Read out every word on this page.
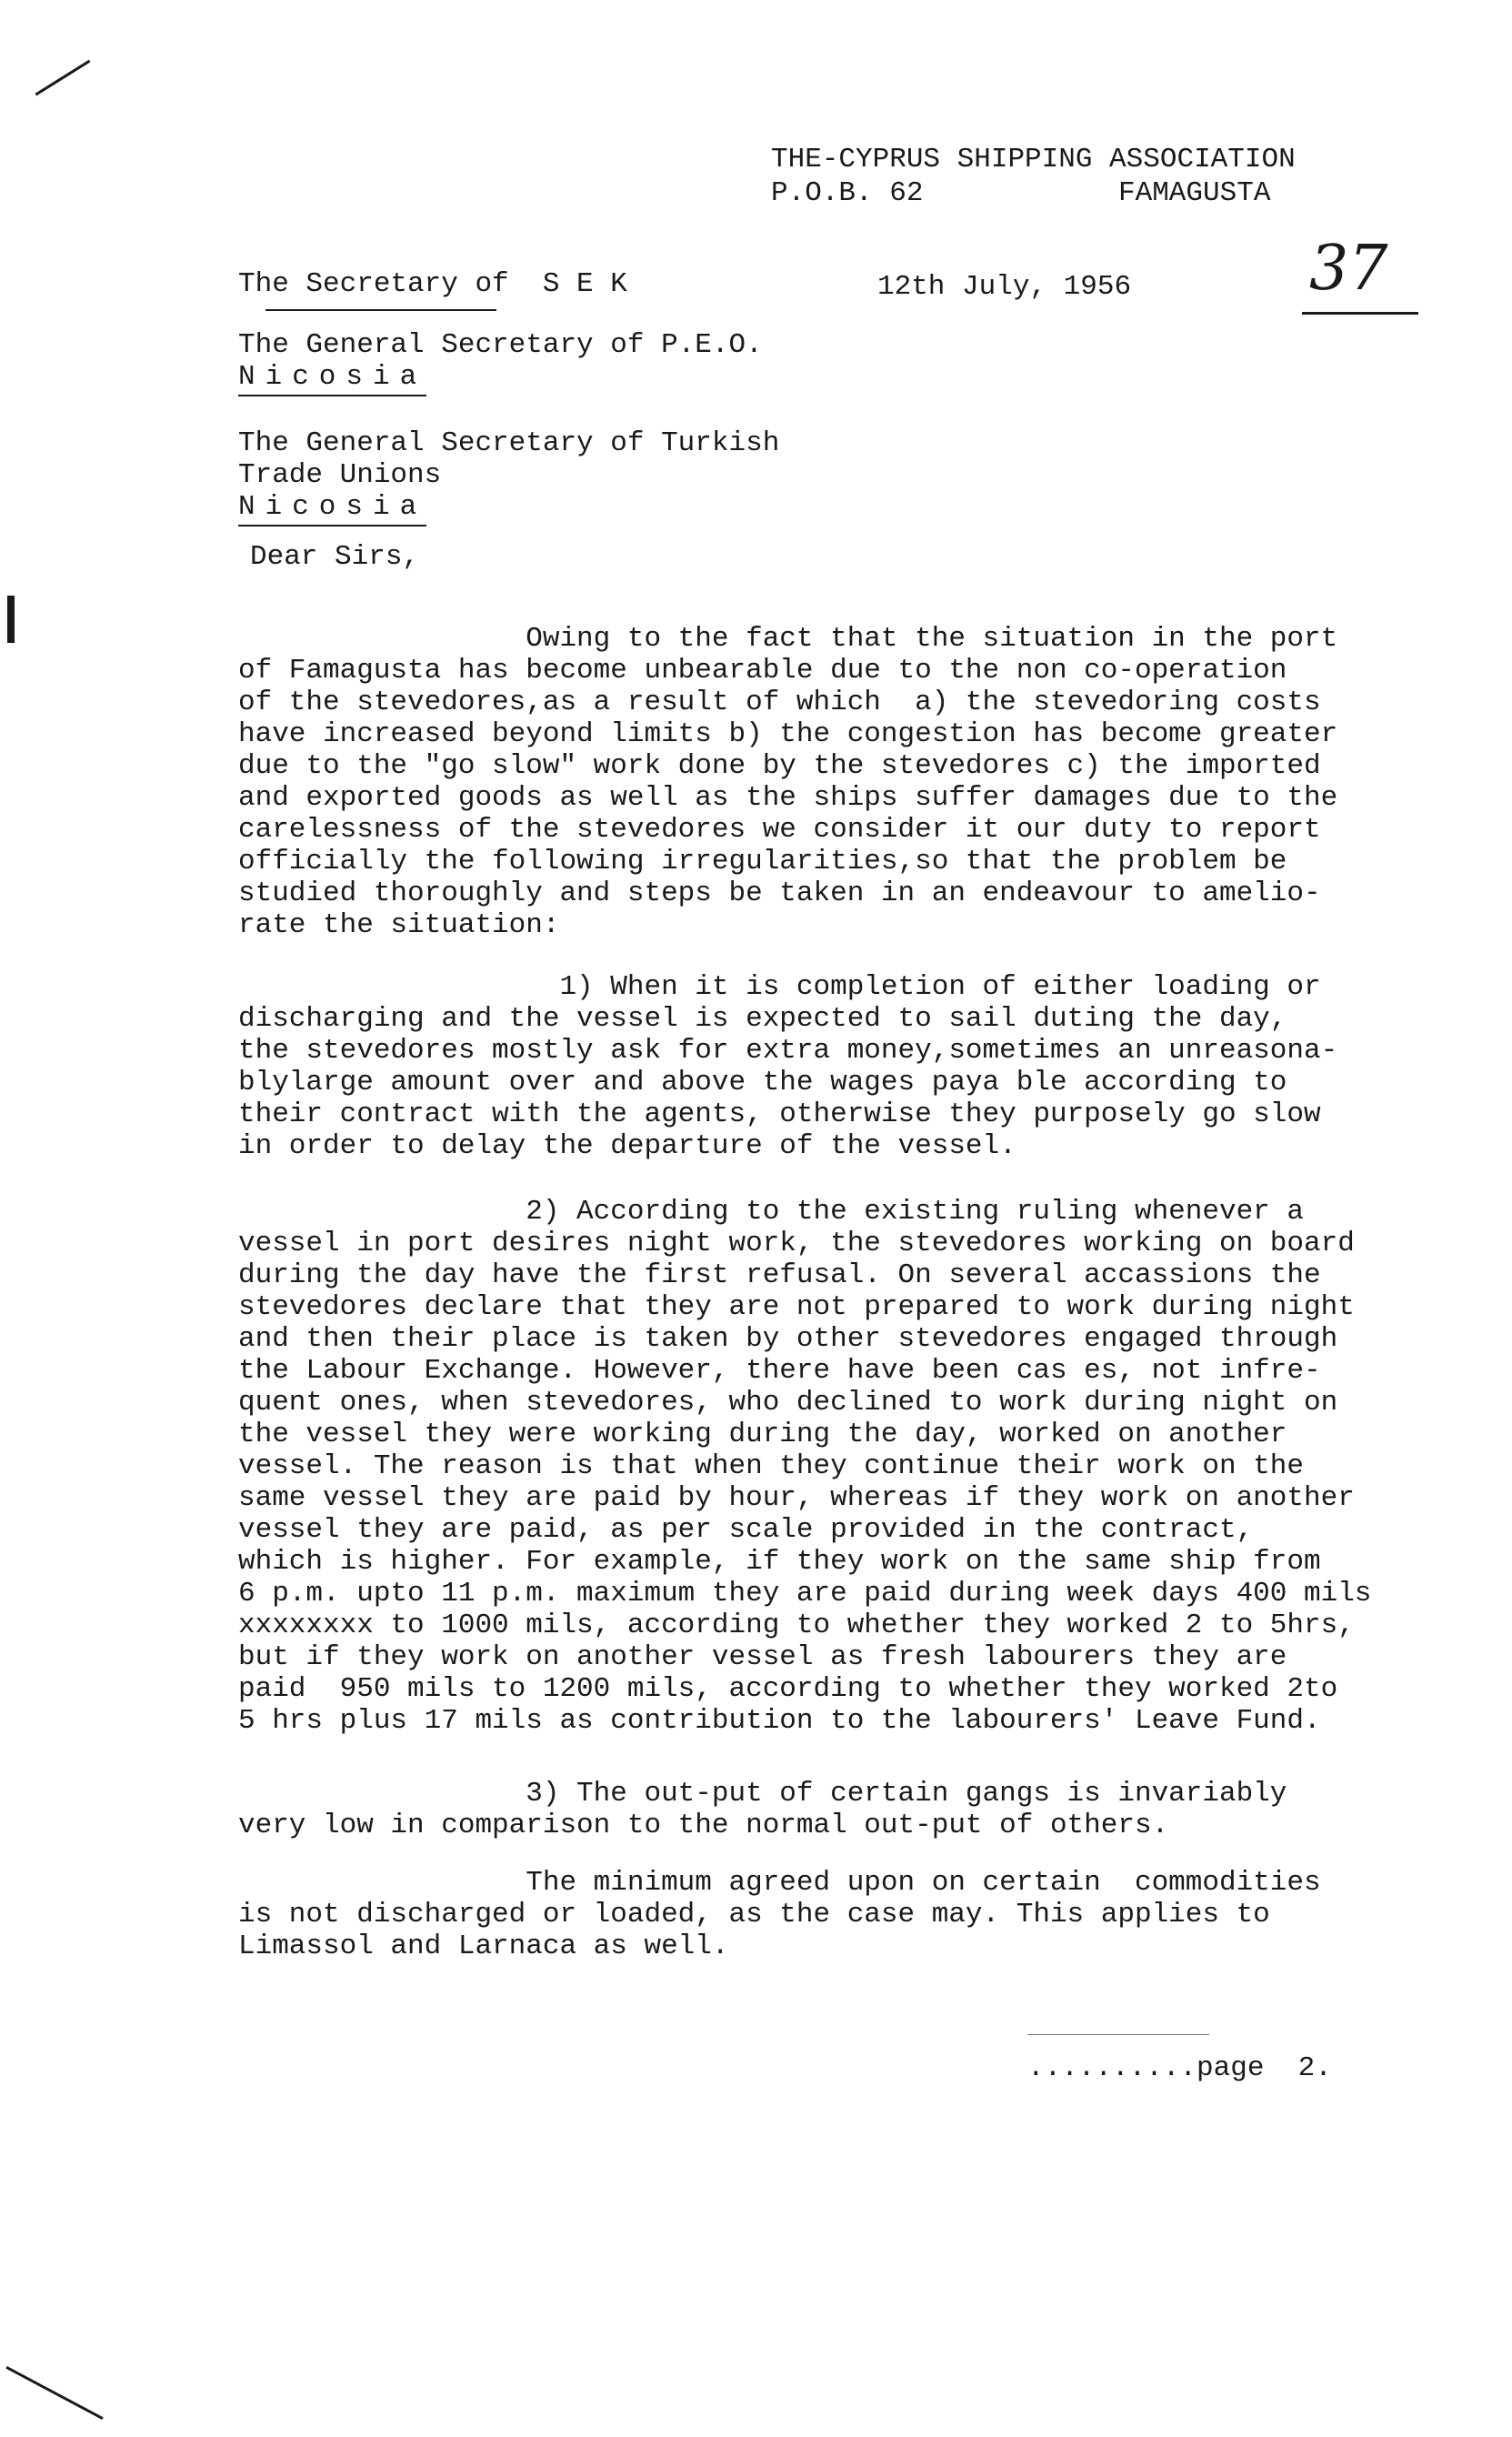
THE-CYPRUS SHIPPING ASSOCIATION
P.O.B. 62	FAMAGUSTA
37
The Secretary of  S E K	12th July, 1956
The General Secretary of P.E.O.
Nicosia
The General Secretary of Turkish
Trade Unions
Nicosia
Dear Sirs,
Owing to the fact that the situation in the port
of Famagusta has become unbearable due to the non co-operation
of the stevedores,as a result of which  a) the stevedoring costs
have increased beyond limits b) the congestion has become greater
due to the "go slow" work done by the stevedores c) the imported
and exported goods as well as the ships suffer damages due to the
carelessness of the stevedores we consider it our duty to report
officially the following irregularities,so that the problem be
studied thoroughly and steps be taken in an endeavour to amelio-
rate the situation:
1) When it is completion of either loading or
discharging and the vessel is expected to sail duting the day,
the stevedores mostly ask for extra money,sometimes an unreasona-
blylarge amount over and above the wages paya ble according to
their contract with the agents, otherwise they purposely go slow
in order to delay the departure of the vessel.
2) According to the existing ruling whenever a
vessel in port desires night work, the stevedores working on board
during the day have the first refusal. On several accassions the
stevedores declare that they are not prepared to work during night
and then their place is taken by other stevedores engaged through
the Labour Exchange. However, there have been cas es, not infre-
quent ones, when stevedores, who declined to work during night on
the vessel they were working during the day, worked on another
vessel. The reason is that when they continue their work on the
same vessel they are paid by hour, whereas if they work on another
vessel they are paid, as per scale provided in the contract,
which is higher. For example, if they work on the same ship from
6 p.m. upto 11 p.m. maximum they are paid during week days 400 mils
xxxxxxxx to 1000 mils, according to whether they worked 2 to 5hrs,
but if they work on another vessel as fresh labourers they are
paid  950 mils to 1200 mils, according to whether they worked 2to
5 hrs plus 17 mils as contribution to the labourers' Leave Fund.
3) The out-put of certain gangs is invariably
very low in comparison to the normal out-put of others.
The minimum agreed upon on certain  commodities
is not discharged or loaded, as the case may. This applies to
Limassol and Larnaca as well.
..........page  2.
